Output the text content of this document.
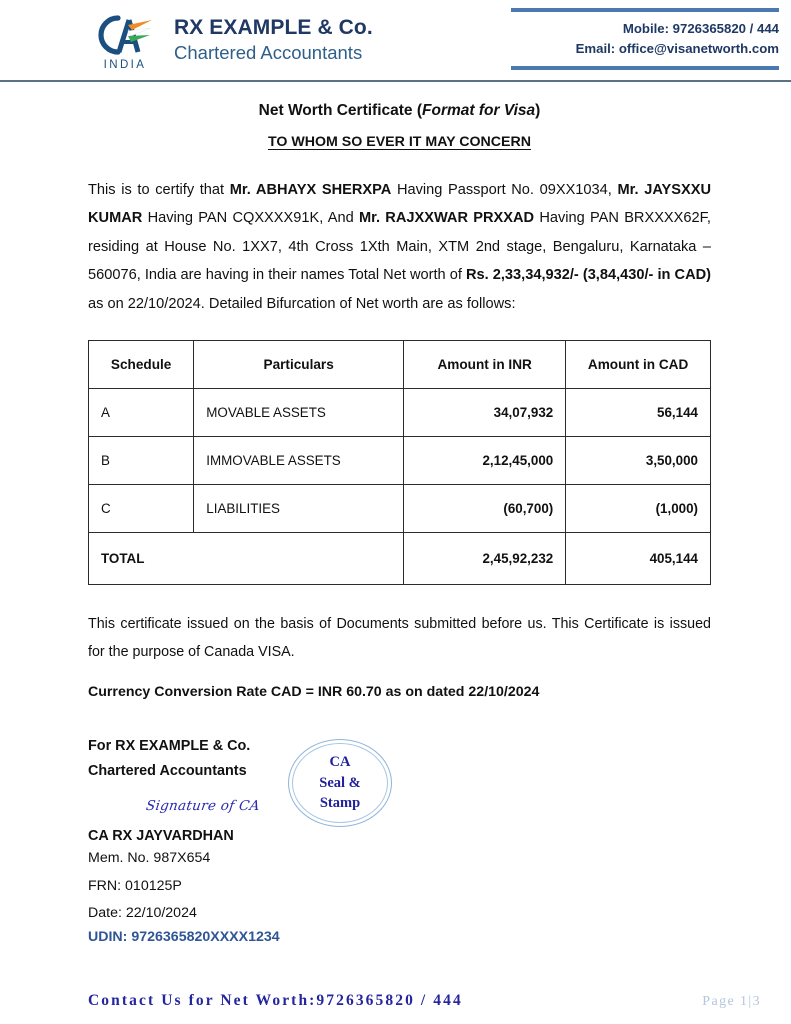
INDIA
RX EXAMPLE & Co.
Chartered Accountants
Mobile: 9726365820 / 444
Email: office@visanetworth.com
Net Worth Certificate (Format for Visa)
TO WHOM SO EVER IT MAY CONCERN

This is to certify that Mr. ABHAYX SHERXPA Having Passport No. 09XX1034, Mr. JAYSXXU KUMAR Having PAN CQXXXX91K, And Mr. RAJXXWAR PRXXAD Having PAN BRXXXX62F, residing at House No. 1XX7, 4th Cross 1Xth Main, XTM 2nd stage, Bengaluru, Karnataka – 560076, India are having in their names Total Net worth of Rs. 2,33,34,932/- (3,84,430/- in CAD) as on 22/10/2024. Detailed Bifurcation of Net worth are as follows:

Schedule	Particulars	Amount in INR	Amount in CAD
A	MOVABLE ASSETS	34,07,932	56,144
B	IMMOVABLE ASSETS	2,12,45,000	3,50,000
C	LIABILITIES	(60,700)	(1,000)
TOTAL		2,45,92,232	405,144

This certificate issued on the basis of Documents submitted before us. This Certificate is issued for the purpose of Canada VISA.

Currency Conversion Rate CAD = INR 60.70 as on dated 22/10/2024
For RX EXAMPLE & Co.
Chartered Accountants
Signature of CA
CA RX JAYVARDHAN
Mem. No. 987X654
FRN: 010125P
Date: 22/10/2024
UDIN: 9726365820XXXX1234
CA
Seal &
Stamp
Contact Us for Net Worth:9726365820 / 444	Page 1|3
